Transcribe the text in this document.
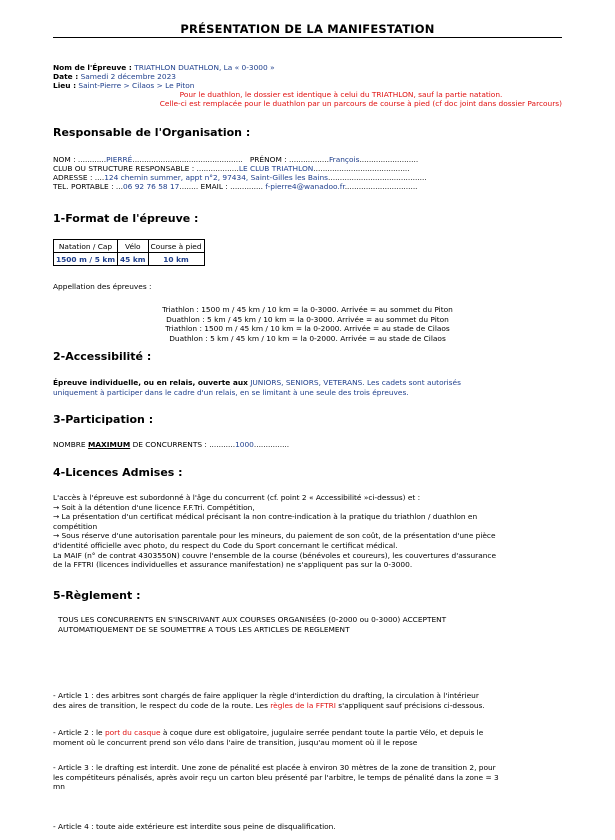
PRÉSENTATION DE LA MANIFESTATION
Nom de l'Épreuve : TRIATHLON DUATHLON, La « 0-3000 »
Date : Samedi 2 décembre 2023
Lieu : Saint-Pierre > Cilaos > Le Piton
Pour le duathlon, le dossier est identique à celui du TRIATHLON, sauf la partie natation.
Celle-ci est remplacée pour le duathlon par un parcours de course à pied (cf doc joint dans dossier Parcours)
Responsable de l'Organisation :
NOM : ............PIERRÉ............................................... PRÉNOM : .................François.........................
CLUB OU STRUCTURE RESPONSABLE : ..................LE CLUB TRIATHLON.........................................
ADRESSE : ....124 chemin summer, appt n°2, 97434, Saint-Gilles les Bains..........................................
TEL. PORTABLE : ...06 92 76 58 17........ EMAIL : .............. f-pierre4@wanadoo.fr...............................
1-Format de l'épreuve :
Natation / Cap	Vélo	Course à pied
1500 m / 5 km	45 km	10 km
Appellation des épreuves :
Triathlon : 1500 m / 45 km / 10 km = la 0-3000. Arrivée = au sommet du Piton
Duathlon : 5 km / 45 km / 10 km = la 0-3000. Arrivée = au sommet du Piton
Triathlon : 1500 m / 45 km / 10 km = la 0-2000. Arrivée = au stade de Cilaos
Duathlon : 5 km / 45 km / 10 km = la 0-2000. Arrivée = au stade de Cilaos
2-Accessibilité :
Épreuve individuelle, ou en relais, ouverte aux JUNIORS, SENIORS, VETERANS. Les cadets sont autorisés
uniquement à participer dans le cadre d'un relais, en se limitant à une seule des trois épreuves.
3-Participation :
NOMBRE MAXIMUM DE CONCURRENTS : ...........1000...............
4-Licences Admises :
L'accès à l'épreuve est subordonné à l'âge du concurrent (cf. point 2 « Accessibilité »ci-dessus) et :
→ Soit à la détention d'une licence F.F.Tri. Compétition,
→ La présentation d'un certificat médical précisant la non contre-indication à la pratique du triathlon / duathlon en
compétition
→ Sous réserve d'une autorisation parentale pour les mineurs, du paiement de son coût, de la présentation d'une pièce
d'identité officielle avec photo, du respect du Code du Sport concernant le certificat médical.
La MAIF (n° de contrat 4303550N) couvre l'ensemble de la course (bénévoles et coureurs), les couvertures d'assurance
de la FFTRI (licences individuelles et assurance manifestation) ne s'appliquent pas sur la 0-3000.
5-Règlement :
TOUS LES CONCURRENTS EN S'INSCRIVANT AUX COURSES ORGANISÉES (0-2000 ou 0-3000) ACCEPTENT
AUTOMATIQUEMENT DE SE SOUMETTRE A TOUS LES ARTICLES DE REGLEMENT
- Article 1 : des arbitres sont chargés de faire appliquer la règle d'interdiction du drafting, la circulation à l'intérieur
des aires de transition, le respect du code de la route. Les règles de la FFTRI s'appliquent sauf précisions ci-dessous.
- Article 2 : le port du casque à coque dure est obligatoire, jugulaire serrée pendant toute la partie Vélo, et depuis le
moment où le concurrent prend son vélo dans l'aire de transition, jusqu'au moment où il le repose
- Article 3 : le drafting est interdit. Une zone de pénalité est placée à environ 30 mètres de la zone de transition 2, pour
les compétiteurs pénalisés, après avoir reçu un carton bleu présenté par l'arbitre, le temps de pénalité dans la zone = 3
mn
- Article 4 : toute aide extérieure est interdite sous peine de disqualification.
